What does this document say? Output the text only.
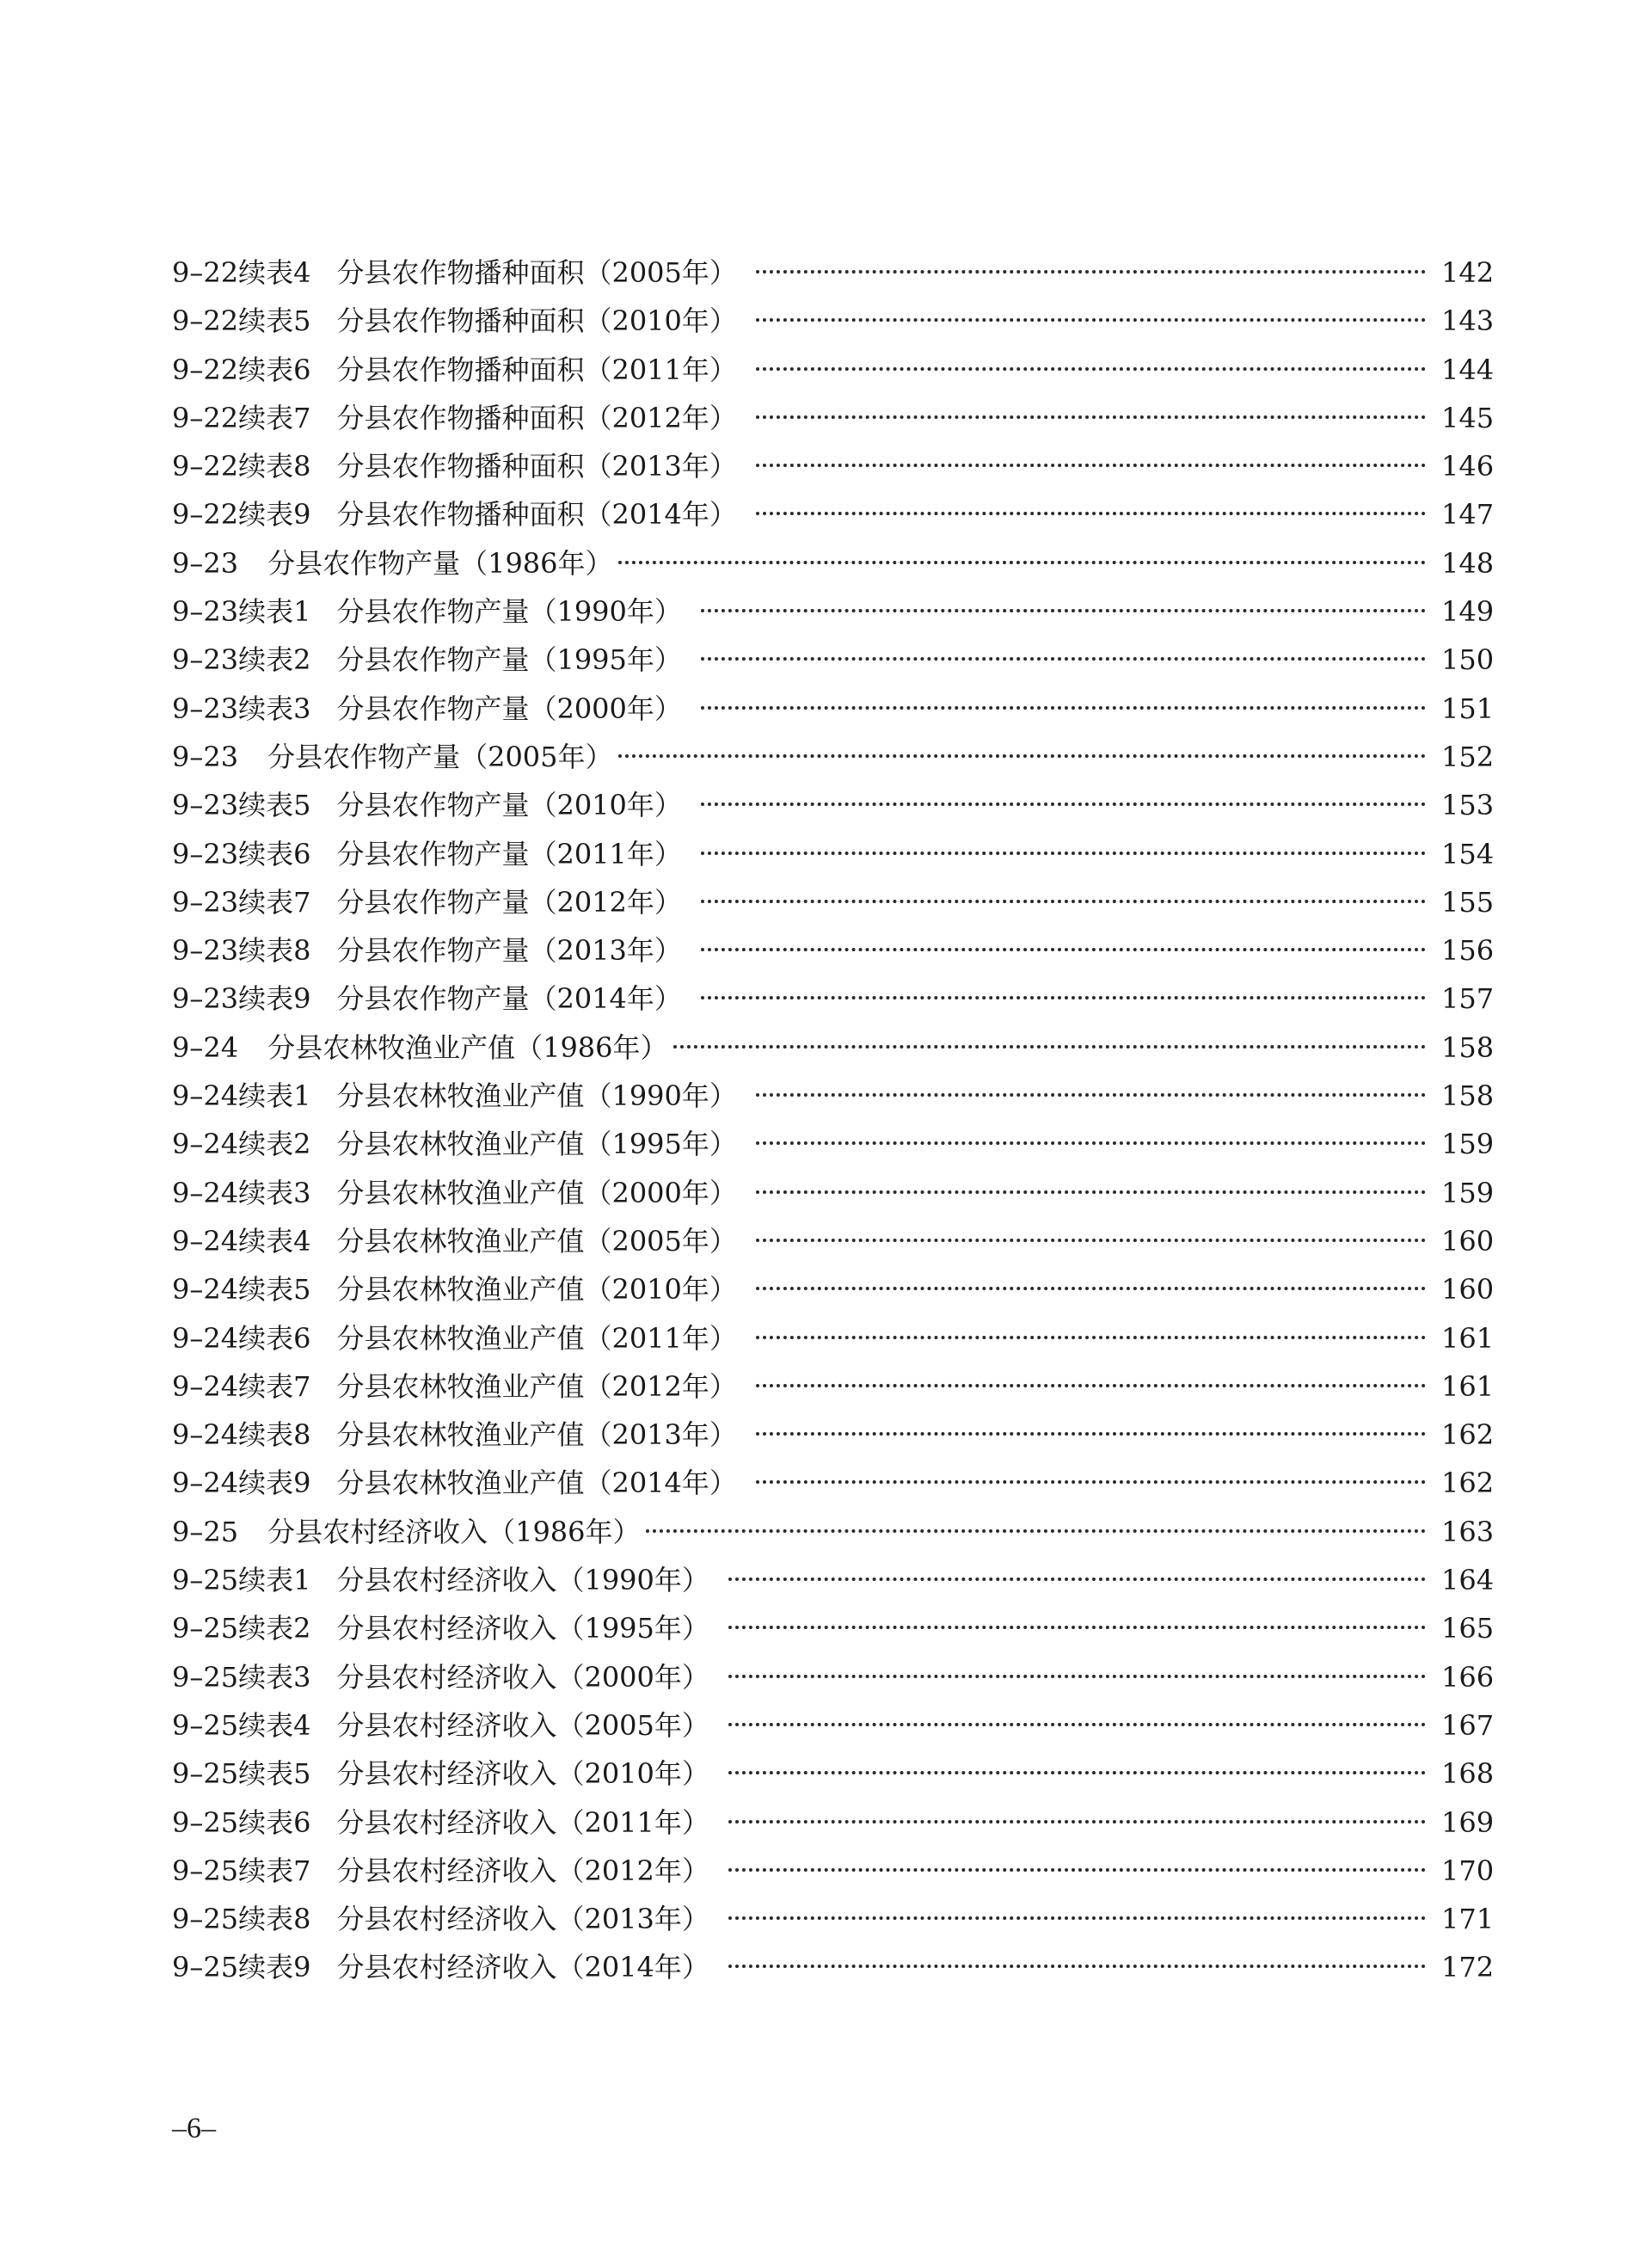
9–22续表4 分县农作物播种面积（2005年）	142
9–22续表5 分县农作物播种面积（2010年）	143
9–22续表6 分县农作物播种面积（2011年）	144
9–22续表7 分县农作物播种面积（2012年）	145
9–22续表8 分县农作物播种面积（2013年）	146
9–22续表9 分县农作物播种面积（2014年）	147
9–23 分县农作物产量（1986年）	148
9–23续表1 分县农作物产量（1990年）	149
9–23续表2 分县农作物产量（1995年）	150
9–23续表3 分县农作物产量（2000年）	151
9–23 分县农作物产量（2005年）	152
9–23续表5 分县农作物产量（2010年）	153
9–23续表6 分县农作物产量（2011年）	154
9–23续表7 分县农作物产量（2012年）	155
9–23续表8 分县农作物产量（2013年）	156
9–23续表9 分县农作物产量（2014年）	157
9–24 分县农林牧渔业产值（1986年）	158
9–24续表1 分县农林牧渔业产值（1990年）	158
9–24续表2 分县农林牧渔业产值（1995年）	159
9–24续表3 分县农林牧渔业产值（2000年）	159
9–24续表4 分县农林牧渔业产值（2005年）	160
9–24续表5 分县农林牧渔业产值（2010年）	160
9–24续表6 分县农林牧渔业产值（2011年）	161
9–24续表7 分县农林牧渔业产值（2012年）	161
9–24续表8 分县农林牧渔业产值（2013年）	162
9–24续表9 分县农林牧渔业产值（2014年）	162
9–25 分县农村经济收入（1986年）	163
9–25续表1 分县农村经济收入（1990年）	164
9–25续表2 分县农村经济收入（1995年）	165
9–25续表3 分县农村经济收入（2000年）	166
9–25续表4 分县农村经济收入（2005年）	167
9–25续表5 分县农村经济收入（2010年）	168
9–25续表6 分县农村经济收入（2011年）	169
9–25续表7 分县农村经济收入（2012年）	170
9–25续表8 分县农村经济收入（2013年）	171
9–25续表9 分县农村经济收入（2014年）	172
–6–
